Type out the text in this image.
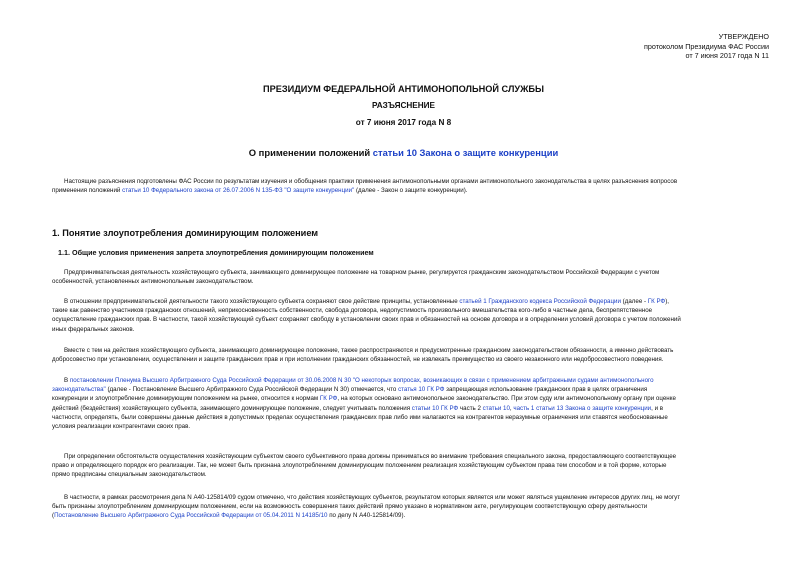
УТВЕРЖДЕНО
протоколом Президиума ФАС России
от 7 июня 2017 года N 11
ПРЕЗИДИУМ ФЕДЕРАЛЬНОЙ АНТИМОНОПОЛЬНОЙ СЛУЖБЫ
РАЗЪЯСНЕНИЕ
от 7 июня 2017 года N 8
О применении положений статьи 10 Закона о защите конкуренции
Настоящие разъяснения подготовлены ФАС России по результатам изучения и обобщения практики применения антимонопольными органами антимонопольного законодательства в целях разъяснения вопросов
применения положений статьи 10 Федерального закона от 26.07.2006 N 135-ФЗ "О защите конкуренции" (далее - Закон о защите конкуренции).
1. Понятие злоупотребления доминирующим положением
1.1. Общие условия применения запрета злоупотребления доминирующим положением
Предпринимательская деятельность хозяйствующего субъекта, занимающего доминирующее положение на товарном рынке, регулируется гражданским законодательством Российской Федерации с учетом
особенностей, установленных антимонопольным законодательством.
В отношении предпринимательской деятельности такого хозяйствующего субъекта сохраняют свое действие принципы, установленные статьей 1 Гражданского кодекса Российской Федерации (далее - ГК РФ),
такие как равенство участников гражданских отношений, неприкосновенность собственности, свобода договора, недопустимость произвольного вмешательства кого-либо в частные дела, беспрепятственное
осуществление гражданских прав. В частности, такой хозяйствующий субъект сохраняет свободу в установлении своих прав и обязанностей на основе договора и в определении условий договора с учетом положений
иных федеральных законов.
Вместе с тем на действия хозяйствующего субъекта, занимающего доминирующее положение, также распространяются и предусмотренные гражданским законодательством обязанности, а именно действовать
добросовестно при установлении, осуществлении и защите гражданских прав и при исполнении гражданских обязанностей, не извлекать преимущество из своего незаконного или недобросовестного поведения.
В постановлении Пленума Высшего Арбитражного Суда Российской Федерации от 30.06.2008 N 30 "О некоторых вопросах, возникающих в связи с применением арбитражными судами антимонопольного
законодательства" (далее - Постановление Высшего Арбитражного Суда Российской Федерации N 30) отмечается, что статья 10 ГК РФ запрещающая использование гражданских прав в целях ограничения
конкуренции и злоупотребление доминирующим положением на рынке, относится к нормам ГК РФ, на которых основано антимонопольное законодательство. При этом суду или антимонопольному органу при оценке
действий (бездействия) хозяйствующего субъекта, занимающего доминирующее положение, следует учитывать положения статьи 10 ГК РФ часть 2 статьи 10, часть 1 статьи 13 Закона о защите конкуренции, и в
частности, определять, были совершены данные действия в допустимых пределах осуществления гражданских прав либо ими налагаются на контрагентов неразумные ограничения или ставятся необоснованные
условия реализации контрагентами своих прав.
При определении обстоятельств осуществления хозяйствующим субъектом своего субъективного права должны приниматься во внимание требования специального закона, предоставляющего соответствующее
право и определяющего порядок его реализации. Так, не может быть признана злоупотреблением доминирующим положением реализация хозяйствующим субъектом права тем способом и в той форме, которые
прямо предписаны специальным законодательством.
В частности, в рамках рассмотрения дела N А40-125814/09 судом отмечено, что действия хозяйствующих субъектов, результатом которых является или может являться ущемление интересов других лиц, не могут
быть признаны злоупотреблением доминирующим положением, если на возможность совершения таких действий прямо указано в нормативном акте, регулирующем соответствующую сферу деятельности
(Постановление Высшего Арбитражного Суда Российской Федерации от 05.04.2011 N 14185/10 по делу N А40-125814/09).
